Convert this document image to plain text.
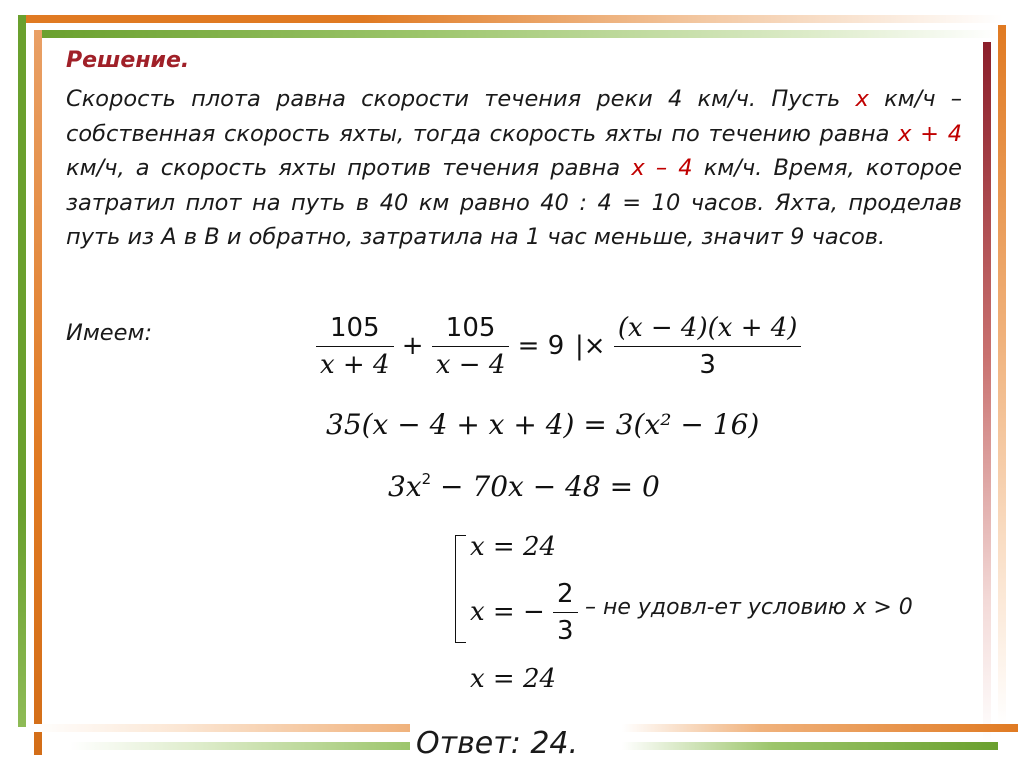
Решение.
Скорость плота равна скорости течения реки 4 км/ч. Пусть x км/ч – собственная скорость яхты, тогда скорость яхты по течению равна x + 4 км/ч, а скорость яхты против течения равна x – 4 км/ч. Время, которое затратил плот на путь в 40 км равно 40 : 4 = 10 часов. Яхта, проделав путь из А в В и обратно, затратила на 1 час меньше, значит 9 часов.
Имеем:	$\frac{105}{x + 4} + \frac{105}{x - 4} = 9$ |× $\frac{(x - 4)(x + 4)}{3}$
35(x − 4 + x + 4) = 3(x² − 16)
$3x^2 - 70x - 48 = 0$
x = 24
x = − $\frac{2}{3}$ – не удовл-ет условию x > 0
x = 24
Ответ: 24.
